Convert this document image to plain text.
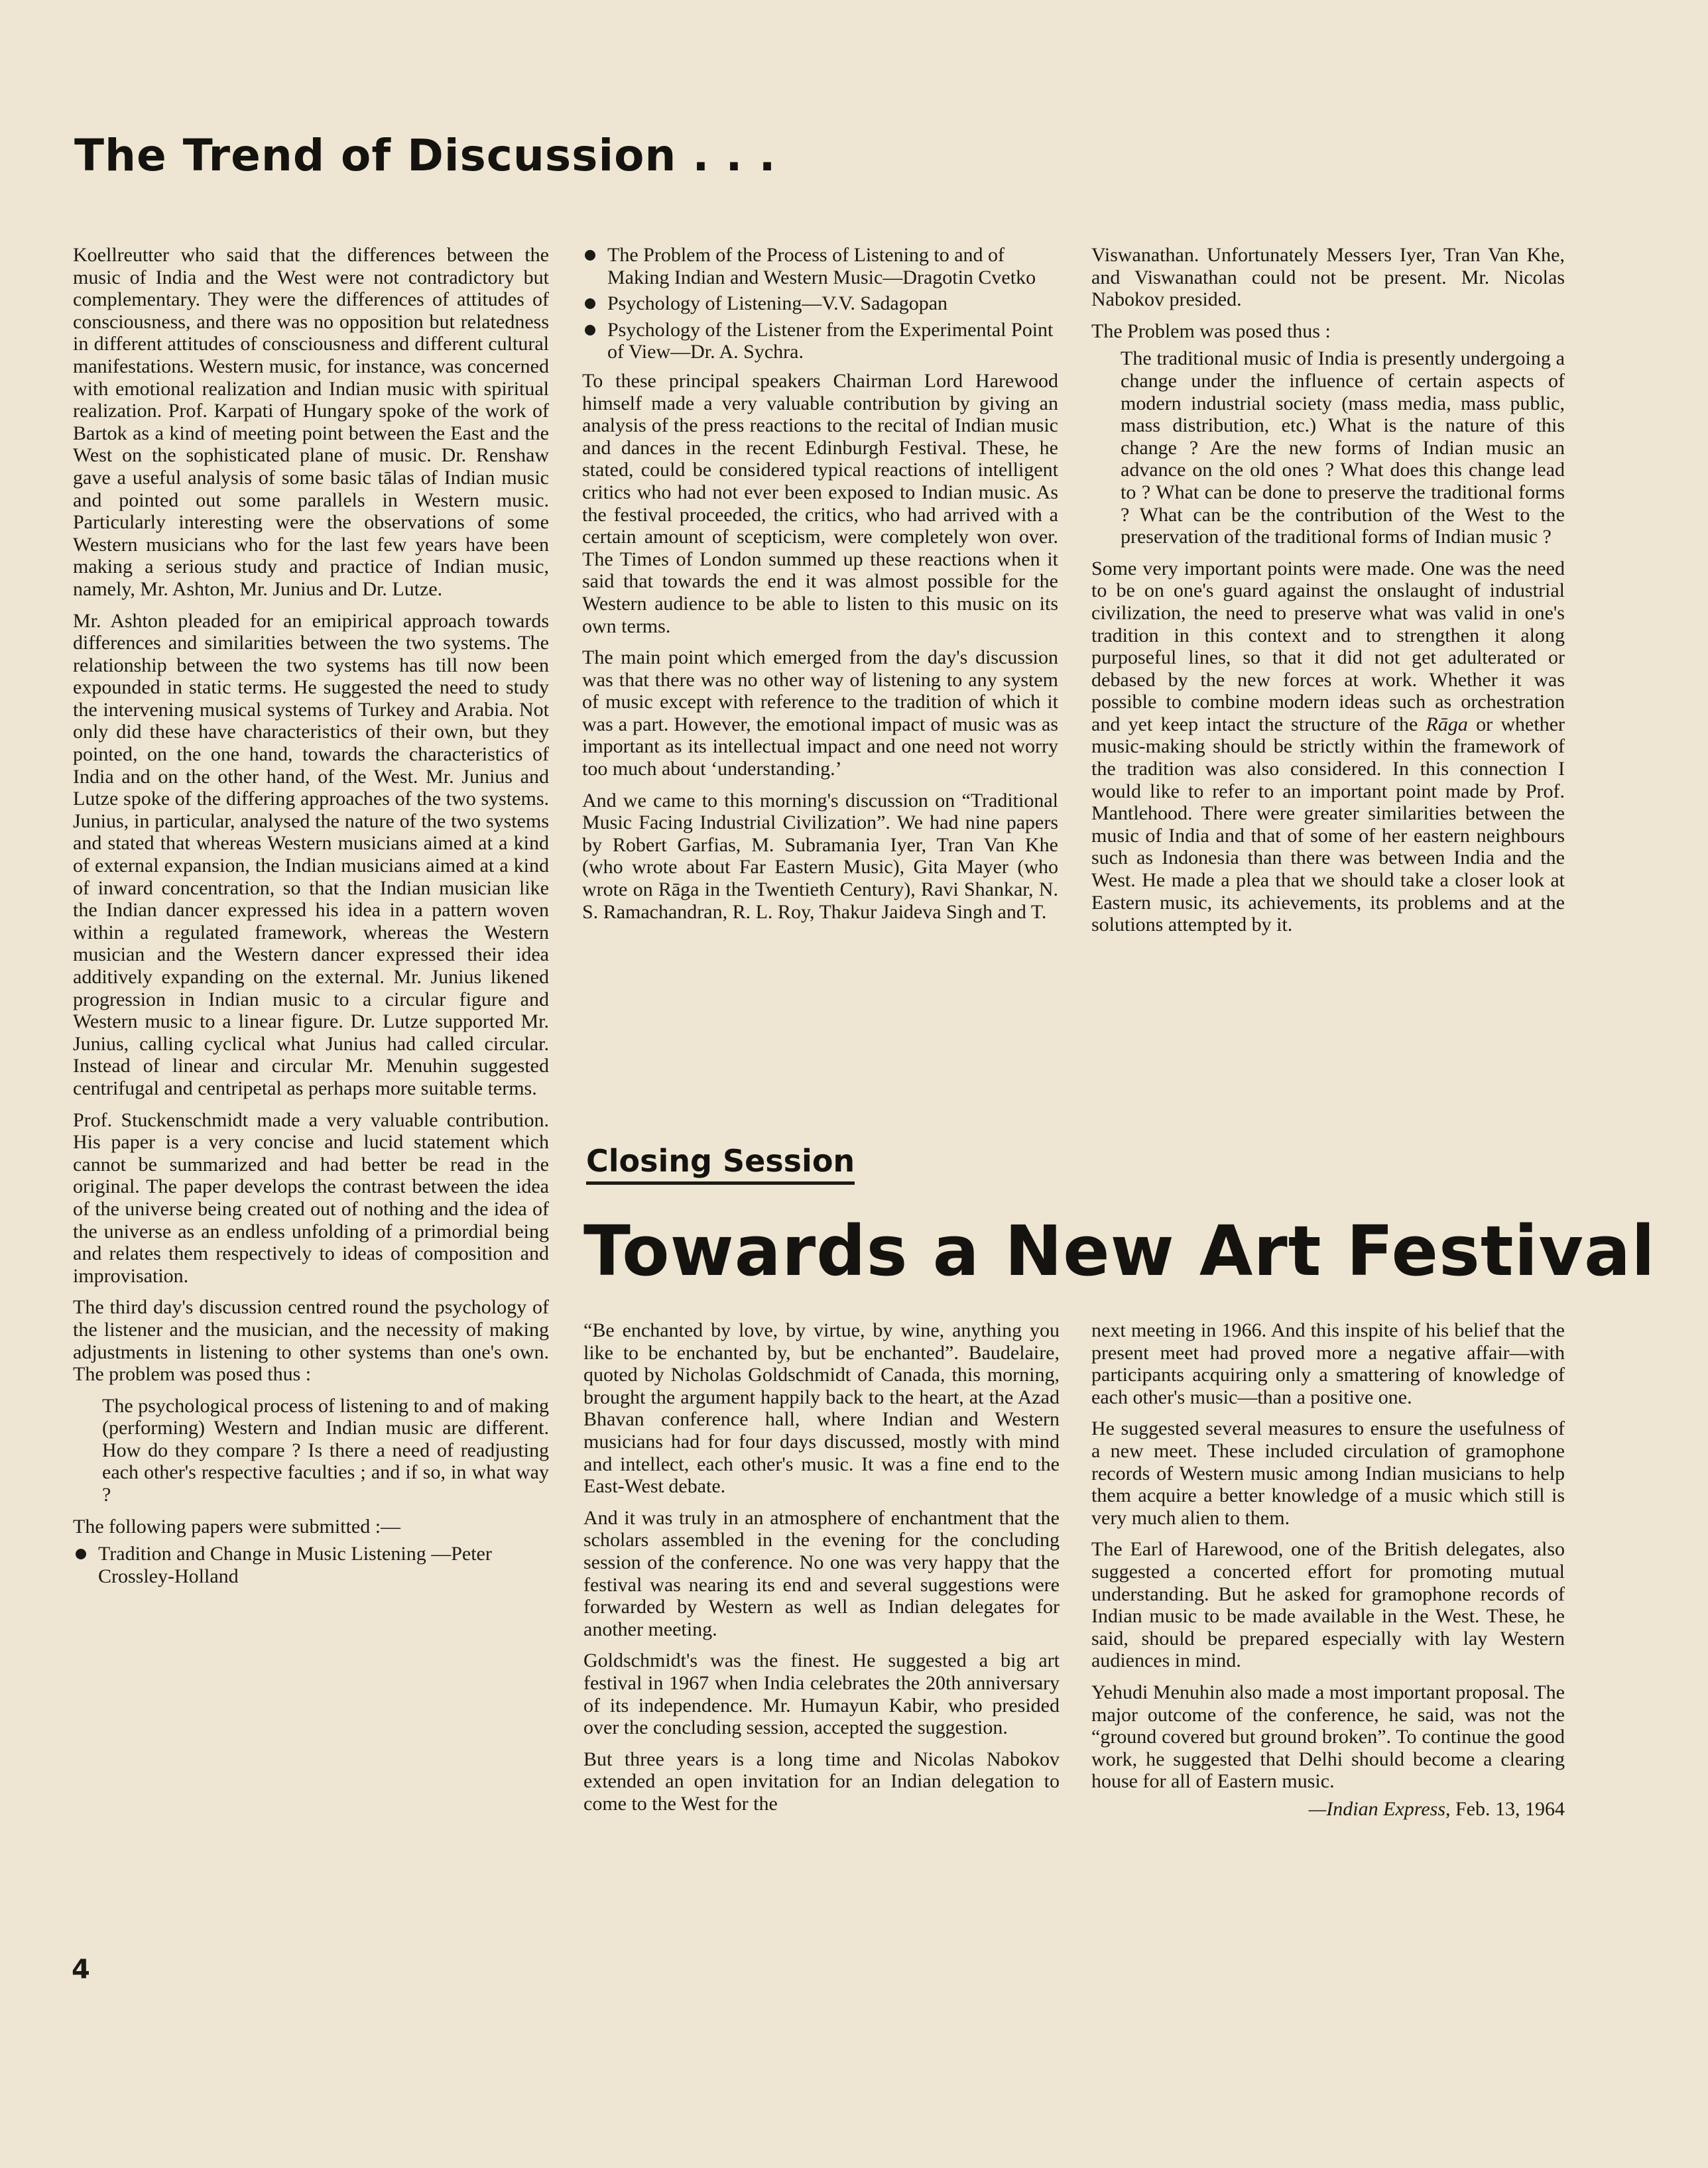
The Trend of Discussion . . .

Koellreutter who said that the differences between the music of India and the West were not contradictory but complementary. They were the differences of attitudes of consciousness, and there was no opposition but relatedness in different attitudes of consciousness and different cultural manifestations. Western music, for instance, was concerned with emotional realization and Indian music with spiritual realization. Prof. Karpati of Hungary spoke of the work of Bartok as a kind of meeting point between the East and the West on the sophisticated plane of music. Dr. Renshaw gave a useful analysis of some basic tālas of Indian music and pointed out some parallels in Western music. Particularly interesting were the observations of some Western musicians who for the last few years have been making a serious study and practice of Indian music, namely, Mr. Ashton, Mr. Junius and Dr. Lutze.

Mr. Ashton pleaded for an emipirical approach towards differences and similarities between the two systems. The relationship between the two systems has till now been expounded in static terms. He suggested the need to study the intervening musical systems of Turkey and Arabia. Not only did these have characteristics of their own, but they pointed, on the one hand, towards the characteristics of India and on the other hand, of the West. Mr. Junius and Lutze spoke of the differing approaches of the two systems. Junius, in particular, analysed the nature of the two systems and stated that whereas Western musicians aimed at a kind of external expansion, the Indian musicians aimed at a kind of inward concentration, so that the Indian musician like the Indian dancer expressed his idea in a pattern woven within a regulated framework, whereas the Western musician and the Western dancer expressed their idea additively expanding on the external. Mr. Junius likened progression in Indian music to a circular figure and Western music to a linear figure. Dr. Lutze supported Mr. Junius, calling cyclical what Junius had called circular. Instead of linear and circular Mr. Menuhin suggested centrifugal and centripetal as perhaps more suitable terms.

Prof. Stuckenschmidt made a very valuable contribution. His paper is a very concise and lucid statement which cannot be summarized and had better be read in the original. The paper develops the contrast between the idea of the universe being created out of nothing and the idea of the universe as an endless unfolding of a primordial being and relates them respectively to ideas of composition and improvisation.

The third day's discussion centred round the psychology of the listener and the musician, and the necessity of making adjustments in listening to other systems than one's own. The problem was posed thus :

The psychological process of listening to and of making (performing) Western and Indian music are different. How do they compare ? Is there a need of readjusting each other's respective faculties ; and if so, in what way ?

The following papers were submitted :—

Tradition and Change in Music Listening —Peter Crossley-Holland
The Problem of the Process of Listening to and of Making Indian and Western Music—Dragotin Cvetko
Psychology of Listening—V.V. Sadagopan
Psychology of the Listener from the Experimental Point of View—Dr. A. Sychra.

To these principal speakers Chairman Lord Harewood himself made a very valuable contribution by giving an analysis of the press reactions to the recital of Indian music and dances in the recent Edinburgh Festival. These, he stated, could be considered typical reactions of intelligent critics who had not ever been exposed to Indian music. As the festival proceeded, the critics, who had arrived with a certain amount of scepticism, were completely won over. The Times of London summed up these reactions when it said that towards the end it was almost possible for the Western audience to be able to listen to this music on its own terms.

The main point which emerged from the day's discussion was that there was no other way of listening to any system of music except with reference to the tradition of which it was a part. However, the emotional impact of music was as important as its intellectual impact and one need not worry too much about ‘understanding.’

And we came to this morning's discussion on “Traditional Music Facing Industrial Civilization”. We had nine papers by Robert Garfias, M. Subramania Iyer, Tran Van Khe (who wrote about Far Eastern Music), Gita Mayer (who wrote on Rāga in the Twentieth Century), Ravi Shankar, N. S. Ramachandran, R. L. Roy, Thakur Jaideva Singh and T.

Viswanathan. Unfortunately Messers Iyer, Tran Van Khe, and Viswanathan could not be present. Mr. Nicolas Nabokov presided.

The Problem was posed thus :

The traditional music of India is presently undergoing a change under the influence of certain aspects of modern industrial society (mass media, mass public, mass distribution, etc.) What is the nature of this change ? Are the new forms of Indian music an advance on the old ones ? What does this change lead to ? What can be done to preserve the traditional forms ? What can be the contribution of the West to the preservation of the traditional forms of Indian music ?

Some very important points were made. One was the need to be on one's guard against the onslaught of industrial civilization, the need to preserve what was valid in one's tradition in this context and to strengthen it along purposeful lines, so that it did not get adulterated or debased by the new forces at work. Whether it was possible to combine modern ideas such as orchestration and yet keep intact the structure of the Rāga or whether music-making should be strictly within the framework of the tradition was also considered. In this connection I would like to refer to an important point made by Prof. Mantlehood. There were greater similarities between the music of India and that of some of her eastern neighbours such as Indonesia than there was between India and the West. He made a plea that we should take a closer look at Eastern music, its achievements, its problems and at the solutions attempted by it.

Closing Session
Towards a New Art Festival

“Be enchanted by love, by virtue, by wine, anything you like to be enchanted by, but be enchanted”. Baudelaire, quoted by Nicholas Goldschmidt of Canada, this morning, brought the argument happily back to the heart, at the Azad Bhavan conference hall, where Indian and Western musicians had for four days discussed, mostly with mind and intellect, each other's music. It was a fine end to the East-West debate.

And it was truly in an atmosphere of enchantment that the scholars assembled in the evening for the concluding session of the conference. No one was very happy that the festival was nearing its end and several suggestions were forwarded by Western as well as Indian delegates for another meeting.

Goldschmidt's was the finest. He suggested a big art festival in 1967 when India celebrates the 20th anniversary of its independence. Mr. Humayun Kabir, who presided over the concluding session, accepted the suggestion.

But three years is a long time and Nicolas Nabokov extended an open invitation for an Indian delegation to come to the West for the

next meeting in 1966. And this inspite of his belief that the present meet had proved more a negative affair—with participants acquiring only a smattering of knowledge of each other's music—than a positive one.

He suggested several measures to ensure the usefulness of a new meet. These included circulation of gramophone records of Western music among Indian musicians to help them acquire a better knowledge of a music which still is very much alien to them.

The Earl of Harewood, one of the British delegates, also suggested a concerted effort for promoting mutual understanding. But he asked for gramophone records of Indian music to be made available in the West. These, he said, should be prepared especially with lay Western audiences in mind.

Yehudi Menuhin also made a most important proposal. The major outcome of the conference, he said, was not the “ground covered but ground broken”. To continue the good work, he suggested that Delhi should become a clearing house for all of Eastern music.

—Indian Express, Feb. 13, 1964

4
